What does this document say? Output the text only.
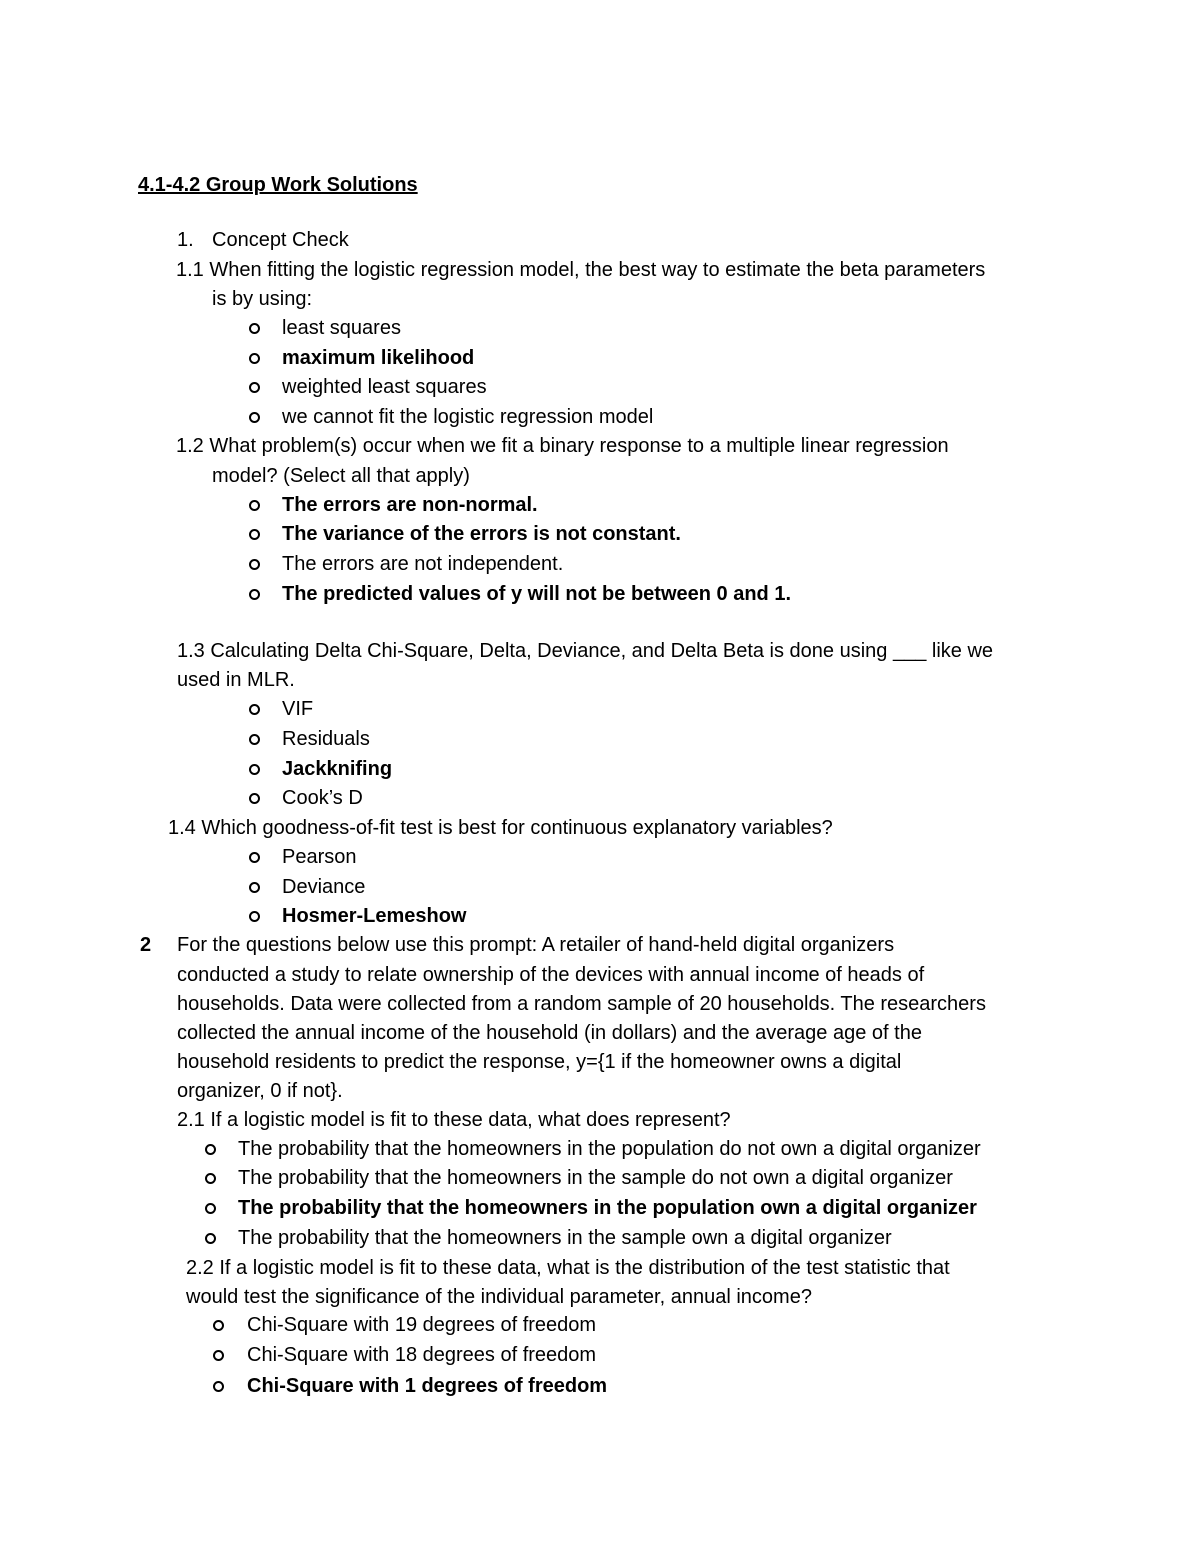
4.1-4.2 Group Work Solutions
1. Concept Check
1.1 When fitting the logistic regression model, the best way to estimate the beta parameters
is by using:
least squares
maximum likelihood
weighted least squares
we cannot fit the logistic regression model
1.2 What problem(s) occur when we fit a binary response to a multiple linear regression
model? (Select all that apply)
The errors are non-normal.
The variance of the errors is not constant.
The errors are not independent.
The predicted values of y will not be between 0 and 1.
1.3 Calculating Delta Chi-Square, Delta, Deviance, and Delta Beta is done using ___ like we
used in MLR.
VIF
Residuals
Jackknifing
Cook’s D
1.4 Which goodness-of-fit test is best for continuous explanatory variables?
Pearson
Deviance
Hosmer-Lemeshow
2 For the questions below use this prompt: A retailer of hand-held digital organizers
conducted a study to relate ownership of the devices with annual income of heads of
households. Data were collected from a random sample of 20 households. The researchers
collected the annual income of the household (in dollars) and the average age of the
household residents to predict the response, y={1 if the homeowner owns a digital
organizer, 0 if not}.
2.1 If a logistic model is fit to these data, what does represent?
The probability that the homeowners in the population do not own a digital organizer
The probability that the homeowners in the sample do not own a digital organizer
The probability that the homeowners in the population own a digital organizer
The probability that the homeowners in the sample own a digital organizer
2.2 If a logistic model is fit to these data, what is the distribution of the test statistic that
would test the significance of the individual parameter, annual income?
Chi-Square with 19 degrees of freedom
Chi-Square with 18 degrees of freedom
Chi-Square with 1 degrees of freedom
